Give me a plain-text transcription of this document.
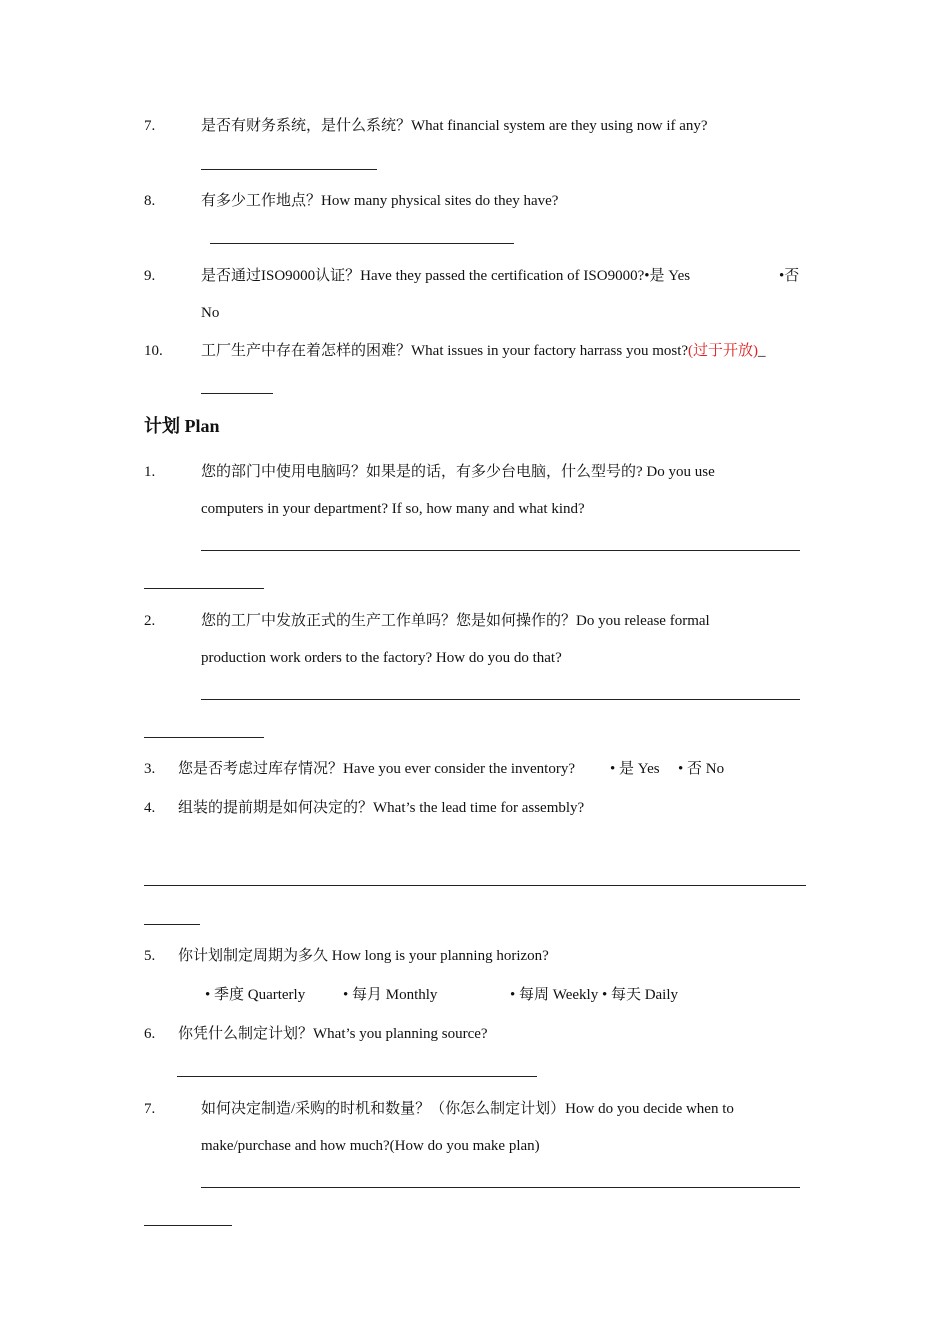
7.	是否有财务系统，是什么系统？What financial system are they using now if any?
8.	有多少工作地点？How many physical sites do they have?
9.	是否通过ISO9000认证？Have they passed the certification of ISO9000?•是 Yes	•否
No
10.	工厂生产中存在着怎样的困难？What issues in your factory harrass you most?(过于开放)_
计划 Plan
1.	您的部门中使用电脑吗？如果是的话，有多少台电脑，什么型号的? Do you use
computers in your department? If so, how many and what kind?
2.	您的工厂中发放正式的生产工作单吗？您是如何操作的？Do you release formal
production work orders to the factory? How do you do that?
3. 您是否考虑过库存情况？Have you ever consider the inventory? • 是 Yes • 否 No
4. 组装的提前期是如何决定的？What’s the lead time for assembly?
5. 你计划制定周期为多久 How long is your planning horizon?
• 季度 Quarterly	• 每月 Monthly	• 每周 Weekly • 每天 Daily
6. 你凭什么制定计划？What’s you planning source?
7.	如何决定制造/采购的时机和数量？（你怎么制定计划）How do you decide when to
make/purchase and how much?(How do you make plan)
